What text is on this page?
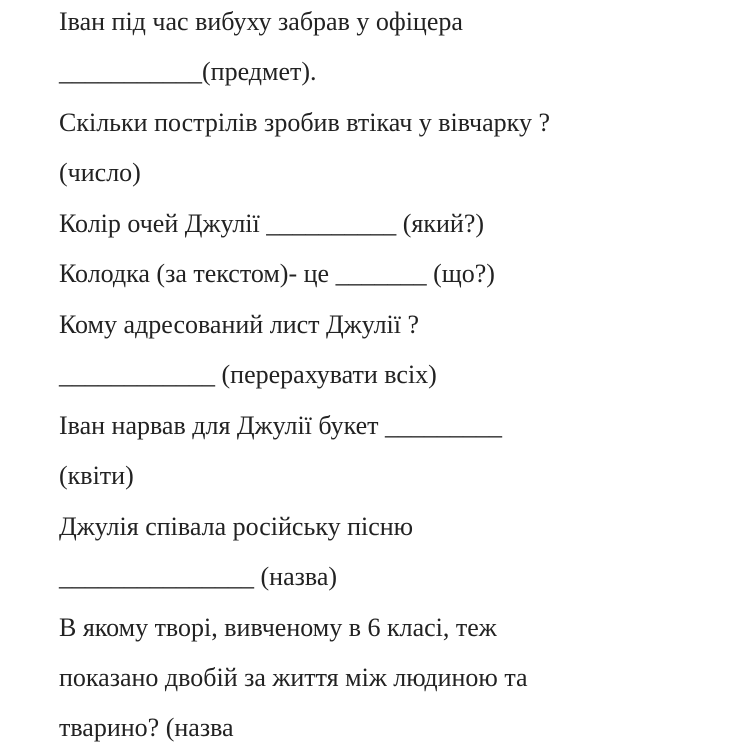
Іван під час вибуху забрав у офіцера
___________(предмет).
Скільки пострілів зробив втікач у вівчарку ?
(число)
Колір очей Джулії __________ (який?)
Колодка (за текстом)- це _______ (що?)
Кому адресований лист Джулії ?
____________ (перерахувати всіх)
Іван нарвав для Джулії букет _________
(квіти)
Джулія співала російську пісню
_______________ (назва)
В якому творі, вивченому в 6 класі, теж
показано двобій за життя між людиною та
тварино? (назва
